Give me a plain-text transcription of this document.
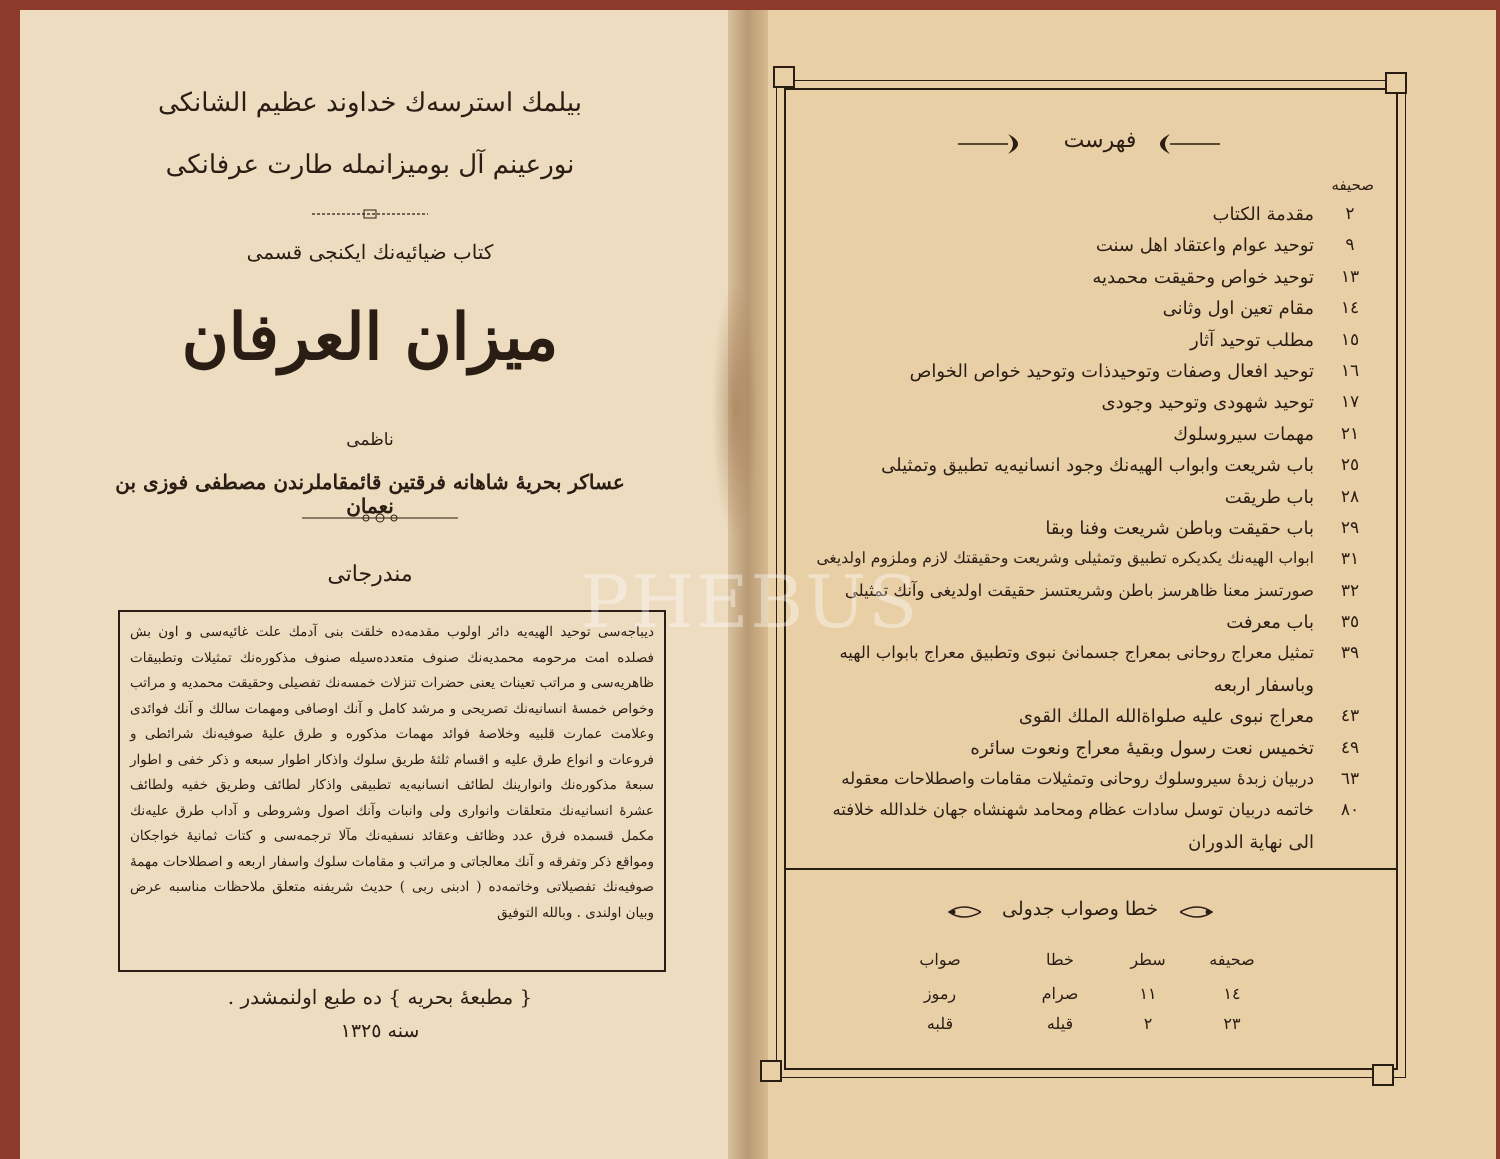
بیلمك استرسه‌ك خداوند عظیم الشانکی
نورعینم آل بومیزانمله طارت عرفانکی
کتاب ضیائیه‌نك ایکنجی قسمی
میزان العرفان
ناظمی
عساکر بحریهٔ شاهانه فرقتین قائمقاملرندن مصطفی فوزی بن نعمان
مندرجاتی

دیباجه‌سی توحید الهیه‌یه دائر اولوب مقدمه‌ده خلقت بنی آدمك علت غائیه‌سی و اون بش فصلده امت مرحومه محمدیه‌نك صنوف متعدده‌سیله صنوف مذکوره‌نك تمثیلات وتطبیقات ظاهریه‌سی و مراتب تعینات یعنی حضرات تنزلات خمسه‌نك تفصیلی وحقیقت محمدیه و مراتب وخواص خمسهٔ انسانیه‌نك تصریحی و مرشد کامل و آنك اوصافی ومهمات سالك و آنك فوائدی وعلامت عمارت قلبیه وخلاصهٔ فوائد مهمات مذکوره و طرق علیهٔ صوفیه‌نك شرائطی و فروعات و انواع طرق علیه و اقسام ثلثهٔ طریق سلوك واذکار اطوار سبعه و ذکر خفی و اطوار سبعهٔ مذکوره‌نك وانوارینك لطائف انسانیه‌یه تطبیقی واذکار لطائف وطریق خفیه ولطائف عشرهٔ انسانیه‌نك متعلقات وانواری ولی وانبات وآنك اصول وشروطی و آداب طرق علیه‌نك مکمل قسمده فرق عدد وظائف وعقائد نسفیه‌نك مآلا ترجمه‌سی و کتات ثمانیهٔ خواجکان ومواقع ذکر وتفرقه و آنك معالجاتی و مراتب و مقامات سلوك واسفار اربعه و اصطلاحات مهمهٔ صوفیه‌نك تفصیلاتی وخاتمه‌ده ( ادبنی ربی ) حدیث شریفنه متعلق ملاحظات مناسبه عرض وبیان اولندی . وبالله التوفیق

{ مطبعهٔ بحریه } ده طبع اولنمشدر .
سنه ١٣٢٥
فهرست
صحیفه
٢
مقدمة الکتاب
٩
توحید عوام واعتقاد اهل سنت
١٣
توحید خواص وحقیقت محمدیه
١٤
مقام تعین اول وثانی
١٥
مطلب توحید آثار
١٦
توحید افعال وصفات وتوحیدذات وتوحید خواص الخواص
١٧
توحید شهودی وتوحید وجودی
٢١
مهمات سیروسلوك
٢٥
باب شریعت وابواب الهیه‌نك وجود انسانیه‌یه تطبیق وتمثیلی
٢٨
باب طریقت
٢٩
باب حقیقت وباطن شریعت وفنا وبقا
٣١
ابواب الهیه‌نك یکدیکره تطبیق وتمثیلی وشریعت وحقیقتك لازم وملزوم اولدیغی
٣٢
صورتسز معنا ظاهرسز باطن وشریعتسز حقیقت اولدیغی وآنك تمثیلی
٣٥
باب معرفت
٣٩
تمثیل معراج روحانی بمعراج جسمانئ نبوی وتطبیق معراج بابواب الهیه
وباسفار اربعه
٤٣
معراج نبوی علیه صلواةالله الملك القوی
٤٩
تخمیس نعت رسول وبقیهٔ معراج ونعوت سائره
٦٣
دربیان زبدهٔ سیروسلوك روحانی وتمثیلات مقامات واصطلاحات معقوله
٨٠
خاتمه دربیان توسل سادات عظام ومحامد شهنشاه جهان خلدالله خلافته
الی نهایة الدوران
خطا وصواب جدولی
صحیفه
سطر
خطا
صواب
١٤
١١
صرام
رموز
٢٣
٢
قیله
قلبه
PHEBUS
